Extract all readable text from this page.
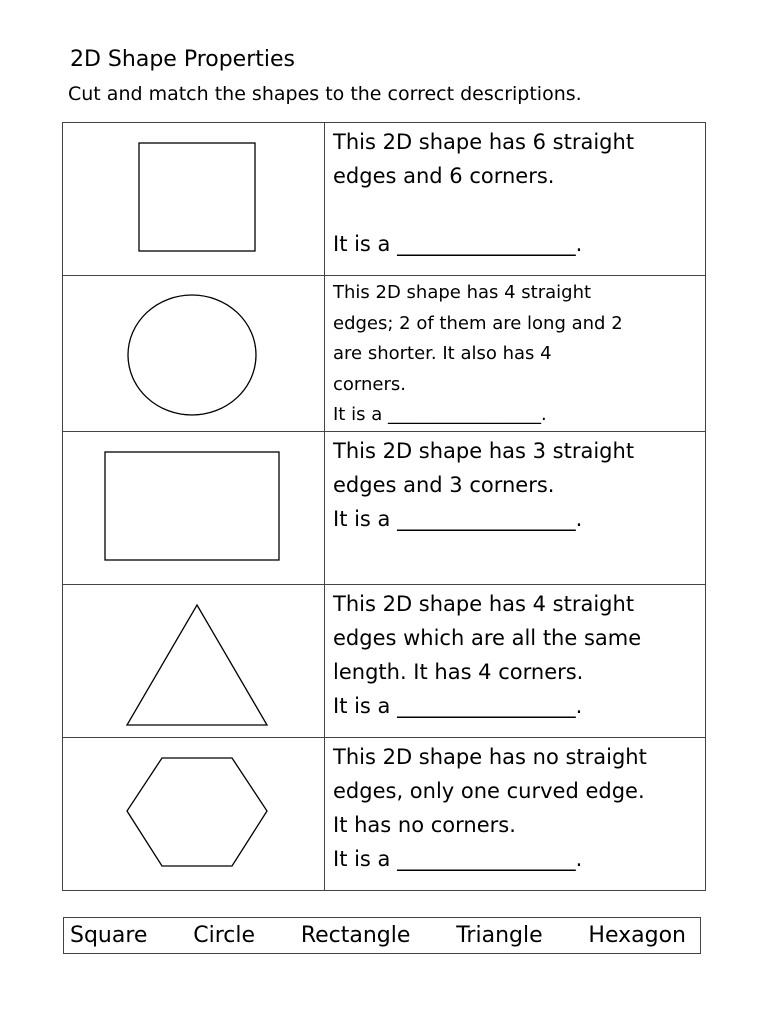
2D Shape Properties
Cut and match the shapes to the correct descriptions.

This 2D shape has 6 straight
edges and 6 corners.
It is a _________________.

This 2D shape has 4 straight
edges; 2 of them are long and 2
are shorter. It also has 4
corners.
It is a _________________.

This 2D shape has 3 straight
edges and 3 corners.
It is a _________________.

This 2D shape has 4 straight
edges which are all the same
length. It has 4 corners.
It is a _________________.

This 2D shape has no straight
edges, only one curved edge.
It has no corners.
It is a _________________.
Square Circle Rectangle Triangle Hexagon
